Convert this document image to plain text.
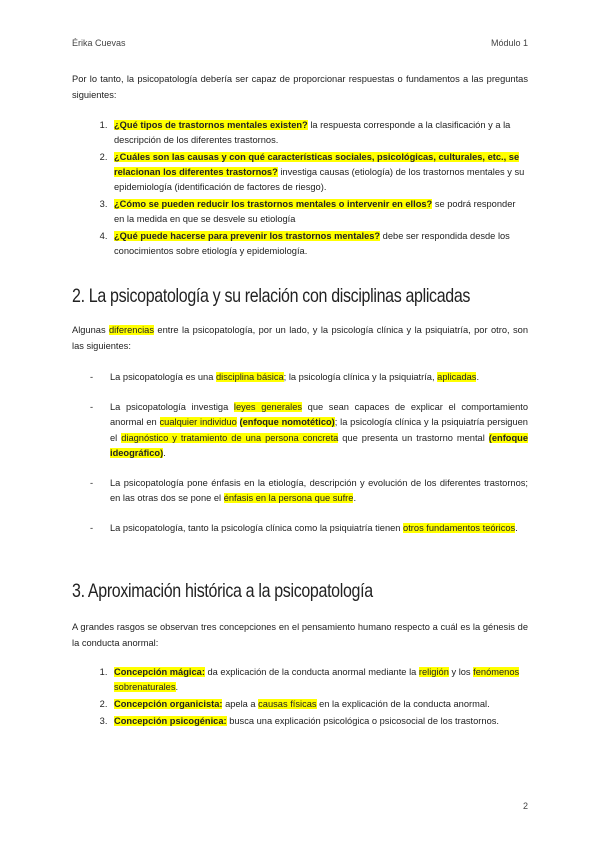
Érika Cuevas	Módulo 1

Por lo tanto, la psicopatología debería ser capaz de proporcionar respuestas o fundamentos a las preguntas siguientes:

1. ¿Qué tipos de trastornos mentales existen? la respuesta corresponde a la clasificación y a la descripción de los diferentes trastornos.
2. ¿Cuáles son las causas y con qué características sociales, psicológicas, culturales, etc., se relacionan los diferentes trastornos? investiga causas (etiología) de los trastornos mentales y su epidemiología (identificación de factores de riesgo).
3. ¿Cómo se pueden reducir los trastornos mentales o intervenir en ellos? se podrá responder en la medida en que se desvele su etiología
4. ¿Qué puede hacerse para prevenir los trastornos mentales? debe ser respondida desde los conocimientos sobre etiología y epidemiología.
2. La psicopatología y su relación con disciplinas aplicadas

Algunas diferencias entre la psicopatología, por un lado, y la psicología clínica y la psiquiatría, por otro, son las siguientes:

- La psicopatología es una disciplina básica; la psicología clínica y la psiquiatría, aplicadas.
- La psicopatología investiga leyes generales que sean capaces de explicar el comportamiento anormal en cualquier individuo (enfoque nomotético); la psicología clínica y la psiquiatría persiguen el diagnóstico y tratamiento de una persona concreta que presenta un trastorno mental (enfoque ideográfico).
- La psicopatología pone énfasis en la etiología, descripción y evolución de los diferentes trastornos; en las otras dos se pone el énfasis en la persona que sufre.
- La psicopatología, tanto la psicología clínica como la psiquiatría tienen otros fundamentos teóricos.
3. Aproximación histórica a la psicopatología

A grandes rasgos se observan tres concepciones en el pensamiento humano respecto a cuál es la génesis de la conducta anormal:

1. Concepción mágica: da explicación de la conducta anormal mediante la religión y los fenómenos sobrenaturales.
2. Concepción organicista: apela a causas físicas en la explicación de la conducta anormal.
3. Concepción psicogénica: busca una explicación psicológica o psicosocial de los trastornos.
2
